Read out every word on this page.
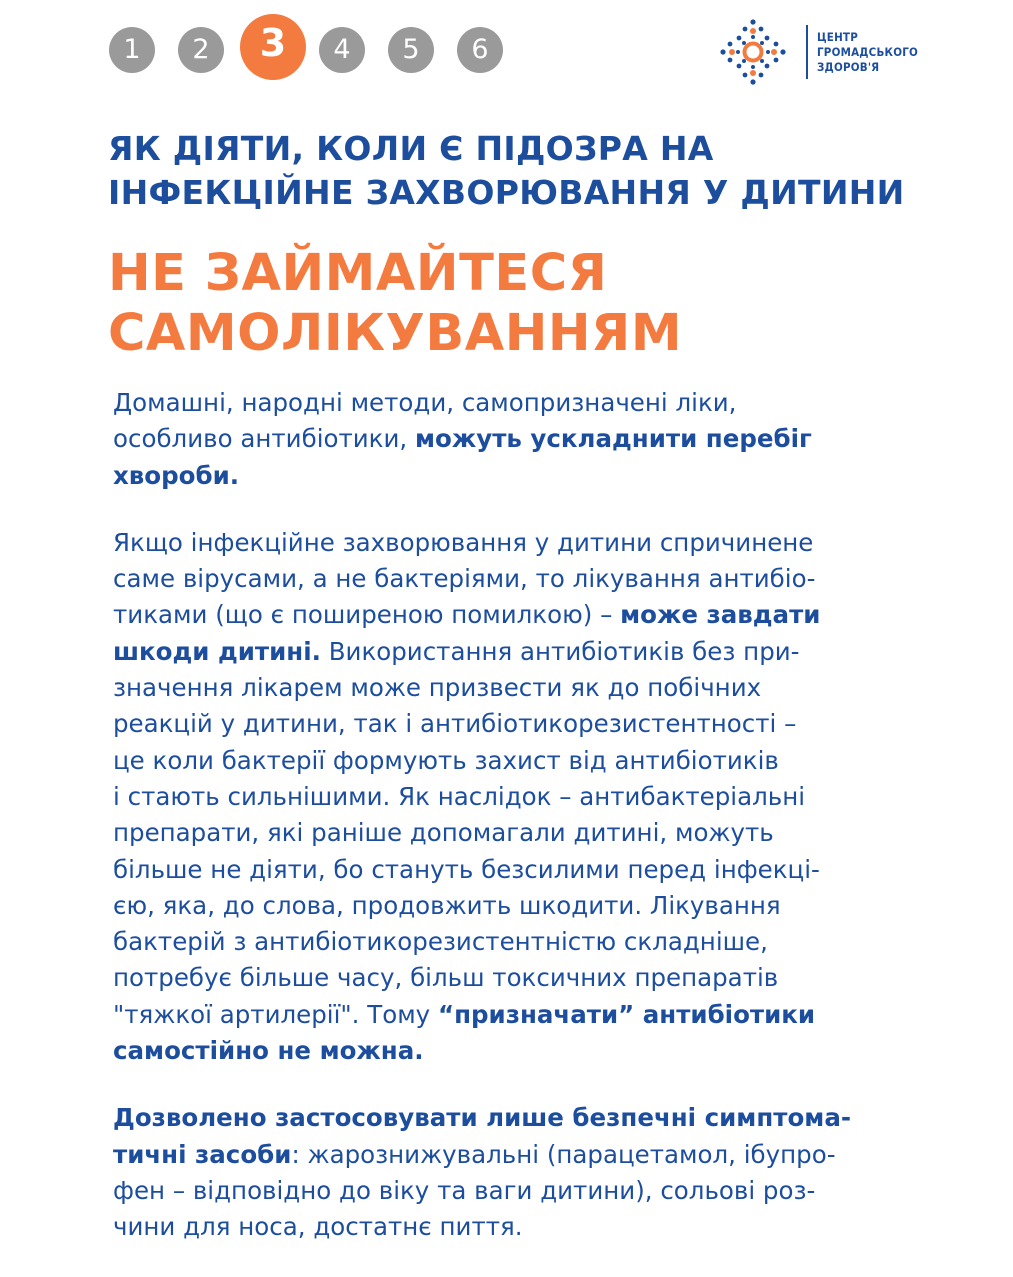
1	2	3	4	5	6	ЦЕНТР
ГРОМАДСЬКОГО
ЗДОРОВ'Я
ЯК ДІЯТИ, КОЛИ Є ПІДОЗРА НА
ІНФЕКЦІЙНЕ ЗАХВОРЮВАННЯ У ДИТИНИ
НЕ ЗАЙМАЙТЕСЯ
САМОЛІКУВАННЯМ

Домашні, народні методи, самопризначені ліки,
особливо антибіотики, можуть ускладнити перебіг
хвороби.

Якщо інфекційне захворювання у дитини спричинене
саме вірусами, а не бактеріями, то лікування антибіо-
тиками (що є поширеною помилкою) – може завдати
шкоди дитині. Використання антибіотиків без при-
значення лікарем може призвести як до побічних
реакцій у дитини, так і антибіотикорезистентності –
це коли бактерії формують захист від антибіотиків
і стають сильнішими. Як наслідок – антибактеріальні
препарати, які раніше допомагали дитині, можуть
більше не діяти, бо стануть безсилими перед інфекці-
єю, яка, до слова, продовжить шкодити. Лікування
бактерій з антибіотикорезистентністю складніше,
потребує більше часу, більш токсичних препаратів
"тяжкої артилерії". Тому “призначати” антибіотики
самостійно не можна.

Дозволено застосовувати лише безпечні симптома-
тичні засоби: жарознижувальні (парацетамол, ібупро-
фен – відповідно до віку та ваги дитини), сольові роз-
чини для носа, достатнє пиття.
